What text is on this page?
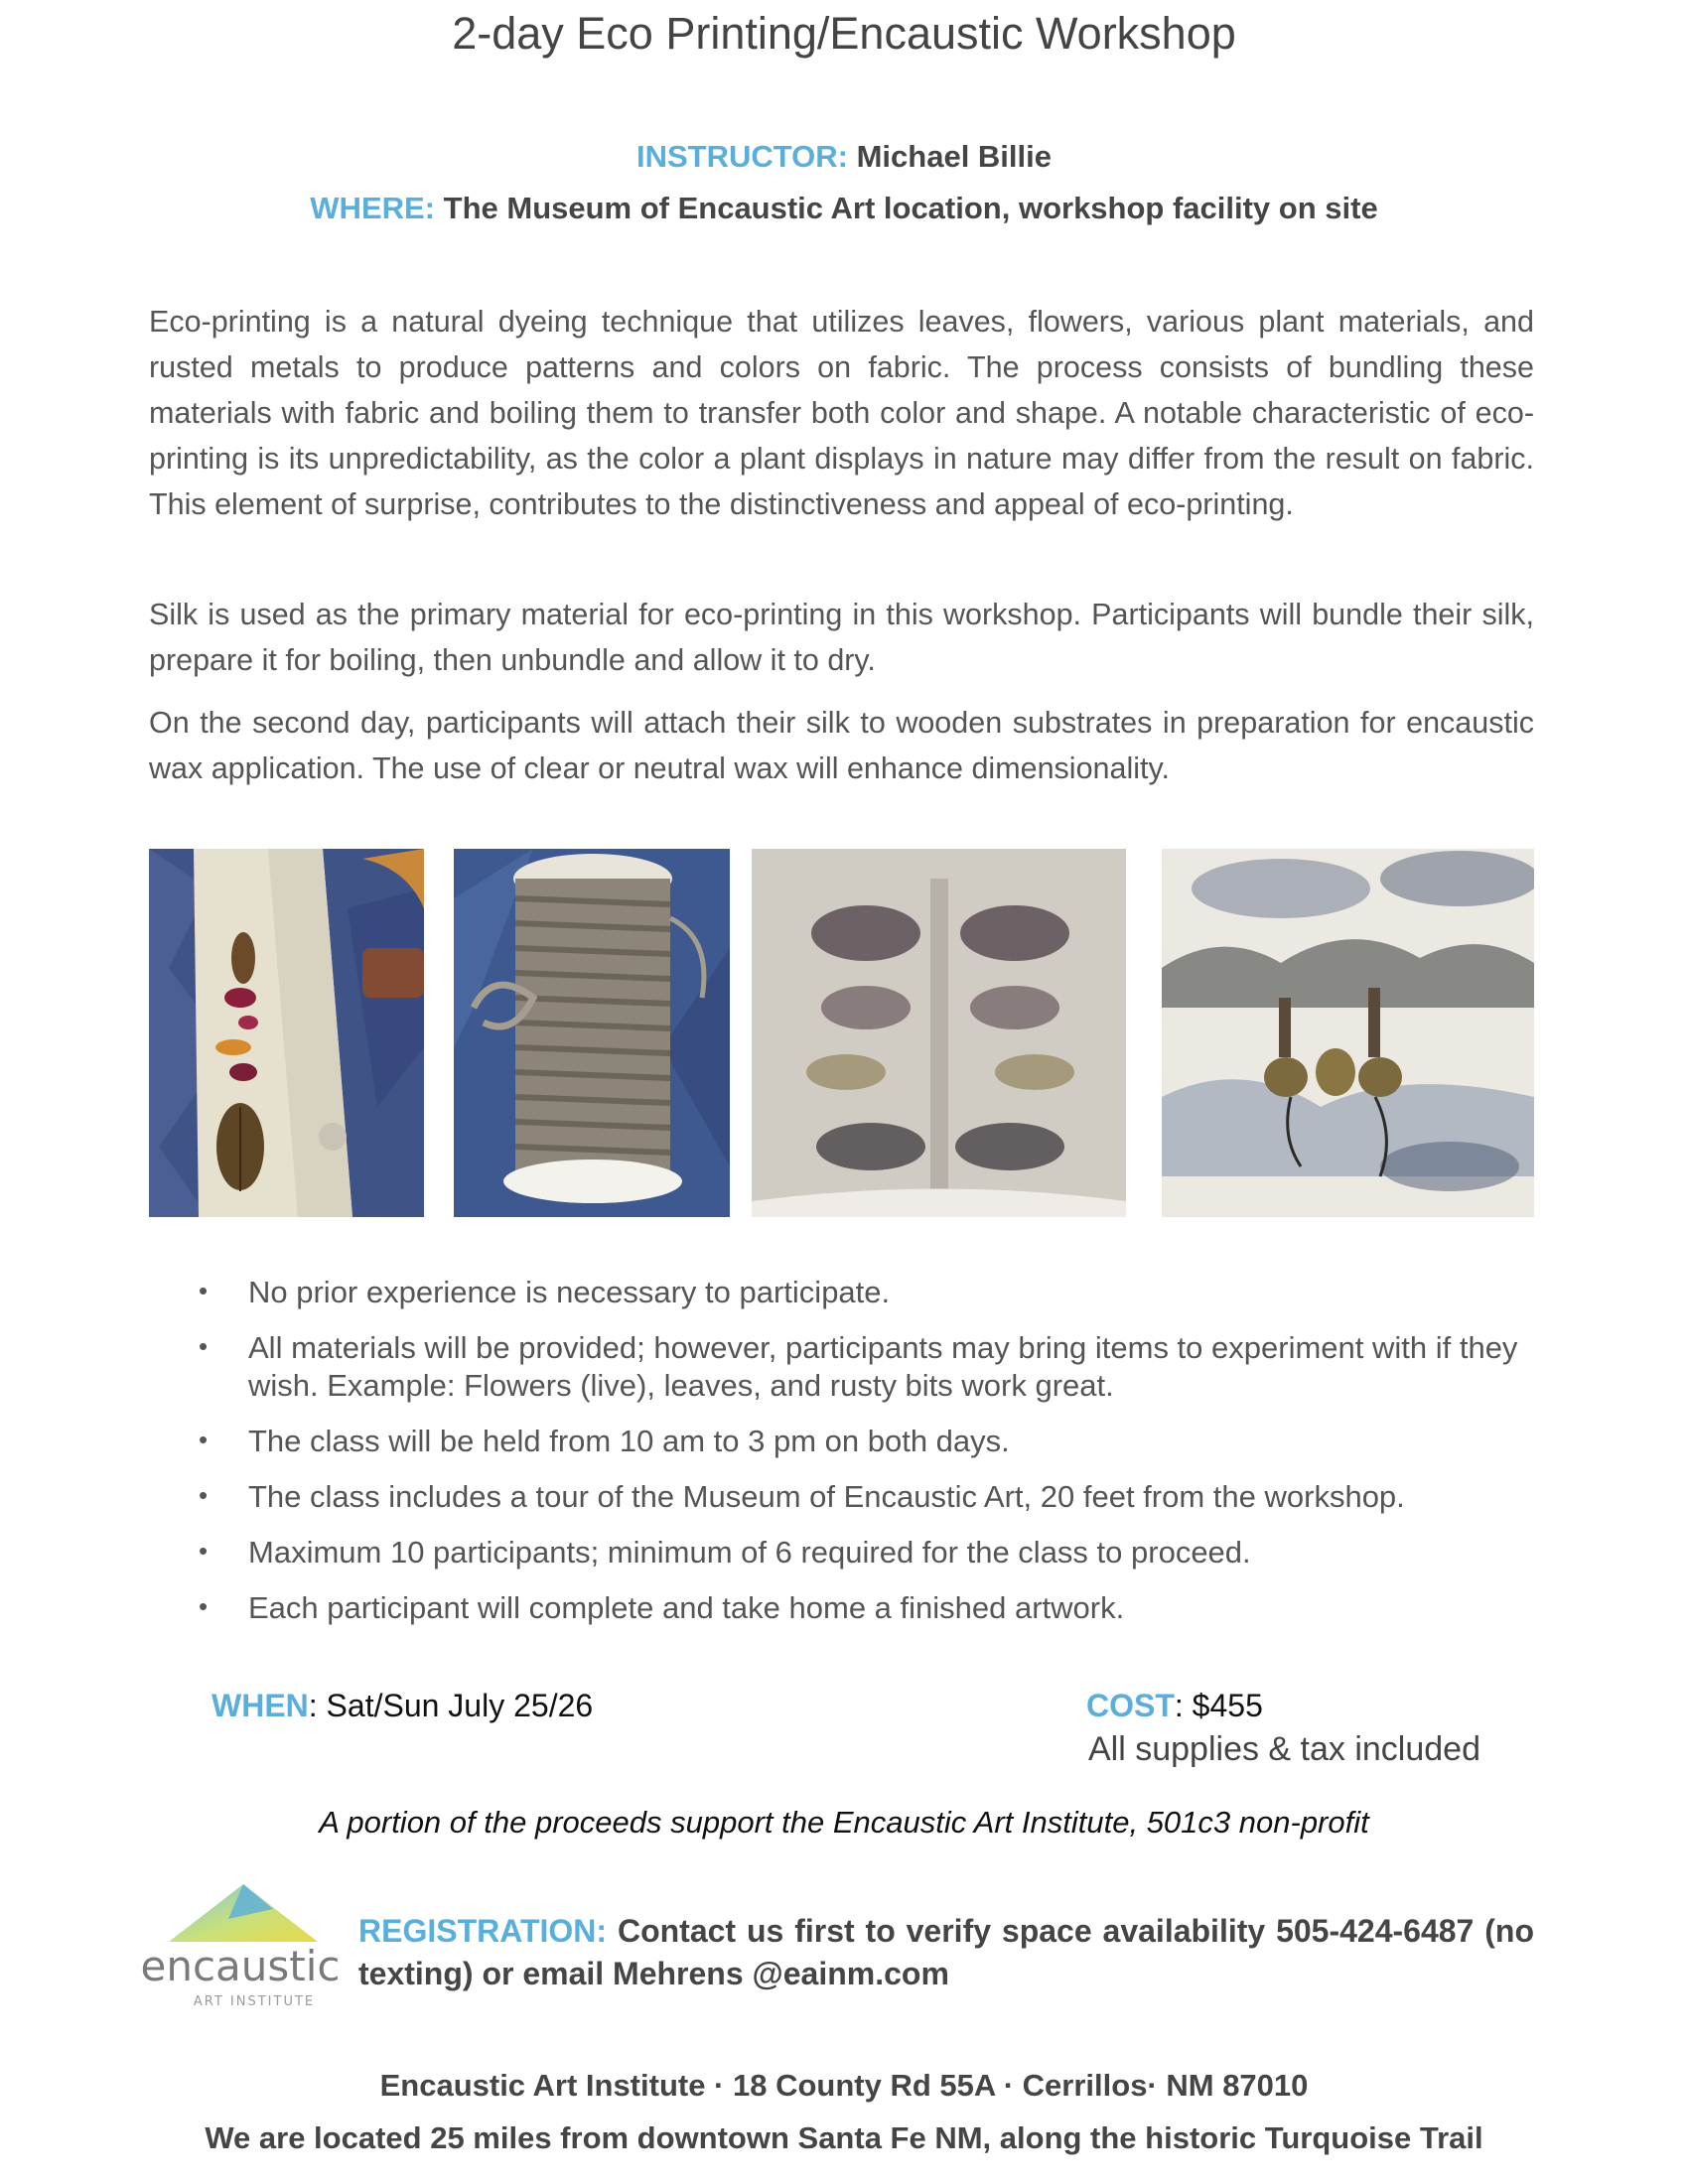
2-day Eco Printing/Encaustic Workshop
INSTRUCTOR: Michael Billie
WHERE: The Museum of Encaustic Art location, workshop facility on site

Eco-printing is a natural dyeing technique that utilizes leaves, flowers, various plant materials, and rusted metals to produce patterns and colors on fabric. The process consists of bundling these materials with fabric and boiling them to transfer both color and shape. A notable characteristic of eco-printing is its unpredictability, as the color a plant displays in nature may differ from the result on fabric. This element of surprise, contributes to the distinctiveness and appeal of eco-printing.

Silk is used as the primary material for eco-printing in this workshop. Participants will bundle their silk, prepare it for boiling, then unbundle and allow it to dry.

On the second day, participants will attach their silk to wooden substrates in preparation for encaustic wax application. The use of clear or neutral wax will enhance dimensionality.

• No prior experience is necessary to participate.
• All materials will be provided; however, participants may bring items to experiment with if they wish. Example: Flowers (live), leaves, and rusty bits work great.
• The class will be held from 10 am to 3 pm on both days.
• The class includes a tour of the Museum of Encaustic Art, 20 feet from the workshop.
• Maximum 10 participants; minimum of 6 required for the class to proceed.
• Each participant will complete and take home a finished artwork.
WHEN: Sat/Sun July 25/26	COST: $455
All supplies & tax included
A portion of the proceeds support the Encaustic Art Institute, 501c3 non-profit
encaustic
ART INSTITUTE

REGISTRATION: Contact us first to verify space availability 505-424-6487 (no texting) or email Mehrens @eainm.com

Encaustic Art Institute · 18 County Rd 55A · Cerrillos· NM 87010
We are located 25 miles from downtown Santa Fe NM, along the historic Turquoise Trail
